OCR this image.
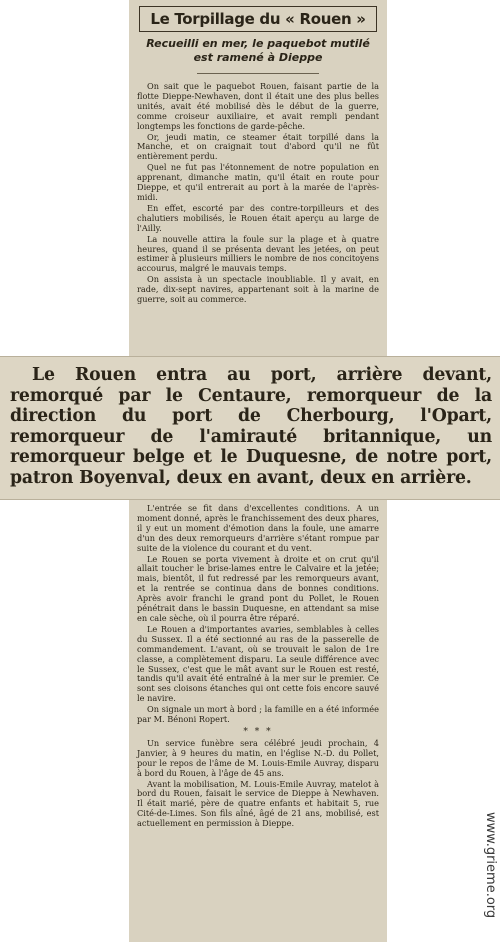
Le Torpillage du « Rouen »
Recueilli en mer, le paquebot mutilé est ramené à Dieppe

On sait que le paquebot Rouen, faisant partie de la flotte Dieppe-Newhaven, dont il était une des plus belles unités, avait été mobilisé dès le début de la guerre, comme croiseur auxiliaire, et avait rempli pendant longtemps les fonctions de garde-pêche.

Or, jeudi matin, ce steamer était torpillé dans la Manche, et on craignait tout d'abord qu'il ne fût entièrement perdu.

Quel ne fut pas l'étonnement de notre population en apprenant, dimanche matin, qu'il était en route pour Dieppe, et qu'il entrerait au port à la marée de l'après-midi.

En effet, escorté par des contre-torpilleurs et des chalutiers mobilisés, le Rouen était aperçu au large de l'Ailly.

La nouvelle attira la foule sur la plage et à quatre heures, quand il se présenta devant les jetées, on peut estimer à plusieurs milliers le nombre de nos concitoyens accourus, malgré le mauvais temps.

On assista à un spectacle inoubliable. Il y avait, en rade, dix-sept navires, appartenant soit à la marine de guerre, soit au commerce.

Le Rouen entra au port, arrière devant, remorqué par le Centaure, remorqueur de la direction du port de Cherbourg, l'Opart, remorqueur de l'amirauté britannique, un remorqueur belge et le Duquesne, de notre port, patron Boyenval, deux en avant, deux en arrière.

L'entrée se fit dans d'excellentes conditions. A un moment donné, après le franchissement des deux phares, il y eut un moment d'émotion dans la foule, une amarre d'un des deux remorqueurs d'arrière s'étant rompue par suite de la violence du courant et du vent.

Le Rouen se porta vivement à droite et on crut qu'il allait toucher le brise-lames entre le Calvaire et la jetée; mais, bientôt, il fut redressé par les remorqueurs avant, et la rentrée se continua dans de bonnes conditions. Après avoir franchi le grand pont du Pollet, le Rouen pénétrait dans le bassin Duquesne, en attendant sa mise en cale sèche, où il pourra être réparé.

Le Rouen a d'importantes avaries, semblables à celles du Sussex. Il a été sectionné au ras de la passerelle de commandement. L'avant, où se trouvait le salon de 1re classe, a complètement disparu. La seule différence avec le Sussex, c'est que le mât avant sur le Rouen est resté, tandis qu'il avait été entraîné à la mer sur le premier. Ce sont ses cloisons étanches qui ont cette fois encore sauvé le navire.

On signale un mort à bord ; la famille en a été informée par M. Bénoni Ropert.

* * *

Un service funèbre sera célébré jeudi prochain, 4 Janvier, à 9 heures du matin, en l'église N.-D. du Pollet, pour le repos de l'âme de M. Louis-Emile Auvray, disparu à bord du Rouen, à l'âge de 45 ans.

Avant la mobilisation, M. Louis-Emile Auvray, matelot à bord du Rouen, faisait le service de Dieppe à Newhaven. Il était marié, père de quatre enfants et habitait 5, rue Cité-de-Limes. Son fils aîné, âgé de 21 ans, mobilisé, est actuellement en permission à Dieppe.	www.grieme.org
